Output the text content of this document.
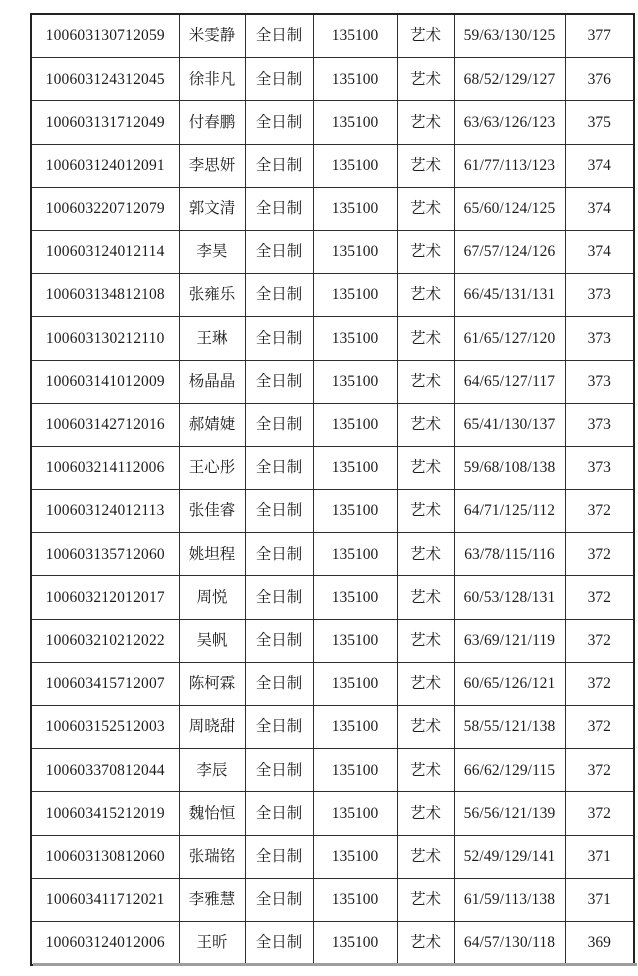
100603130712059	米雯静	全日制	135100	艺术	59/63/130/125	377
100603124312045	徐非凡	全日制	135100	艺术	68/52/129/127	376
100603131712049	付春鹏	全日制	135100	艺术	63/63/126/123	375
100603124012091	李思妍	全日制	135100	艺术	61/77/113/123	374
100603220712079	郭文清	全日制	135100	艺术	65/60/124/125	374
100603124012114	李昊	全日制	135100	艺术	67/57/124/126	374
100603134812108	张雍乐	全日制	135100	艺术	66/45/131/131	373
100603130212110	王琳	全日制	135100	艺术	61/65/127/120	373
100603141012009	杨晶晶	全日制	135100	艺术	64/65/127/117	373
100603142712016	郝婧婕	全日制	135100	艺术	65/41/130/137	373
100603214112006	王心彤	全日制	135100	艺术	59/68/108/138	373
100603124012113	张佳睿	全日制	135100	艺术	64/71/125/112	372
100603135712060	姚坦程	全日制	135100	艺术	63/78/115/116	372
100603212012017	周悦	全日制	135100	艺术	60/53/128/131	372
100603210212022	吴帆	全日制	135100	艺术	63/69/121/119	372
100603415712007	陈柯霖	全日制	135100	艺术	60/65/126/121	372
100603152512003	周晓甜	全日制	135100	艺术	58/55/121/138	372
100603370812044	李辰	全日制	135100	艺术	66/62/129/115	372
100603415212019	魏怡恒	全日制	135100	艺术	56/56/121/139	372
100603130812060	张瑞铭	全日制	135100	艺术	52/49/129/141	371
100603411712021	李雅慧	全日制	135100	艺术	61/59/113/138	371
100603124012006	王昕	全日制	135100	艺术	64/57/130/118	369
